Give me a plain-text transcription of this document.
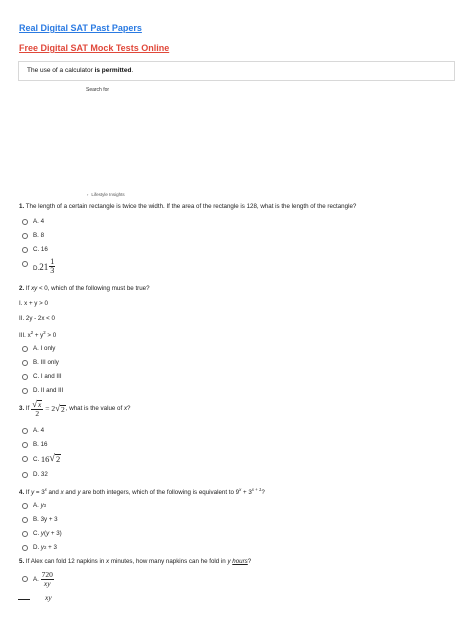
Real Digital SAT Past Papers
Free Digital SAT Mock Tests Online
The use of a calculator is permitted.
Search for
› Lifestyle Insights
1. The length of a certain rectangle is twice the width. If the area of the rectangle is 128, what is the length of the rectangle?
A. 4
B. 8
C. 16
D. $21 \frac{1}{3}$
2. If xy < 0, which of the following must be true?
I. x + y > 0
II. 2y - 2x < 0
III. $x^2 + y^2 > 0$
A. I only
B. III only
C. I and III
D. II and III
3. If $\frac{√ x}{2} = 2$ √ 2 , what is the value of x ?
A. 4
B. 16
C. 16 √ 2
D. 32
4. If $y = 3^x$ and x and y are both integers, which of the following is equivalent to $9^x + 3^{x + 1}$?
A. y 3
B. 3y + 3
C. y ( y + 3)
D. y 2 + 3
5. If Alex can fold 12 napkins in x minutes, how many napkins can he fold in y hours?
A. $\frac{720}{xy}$
xy
